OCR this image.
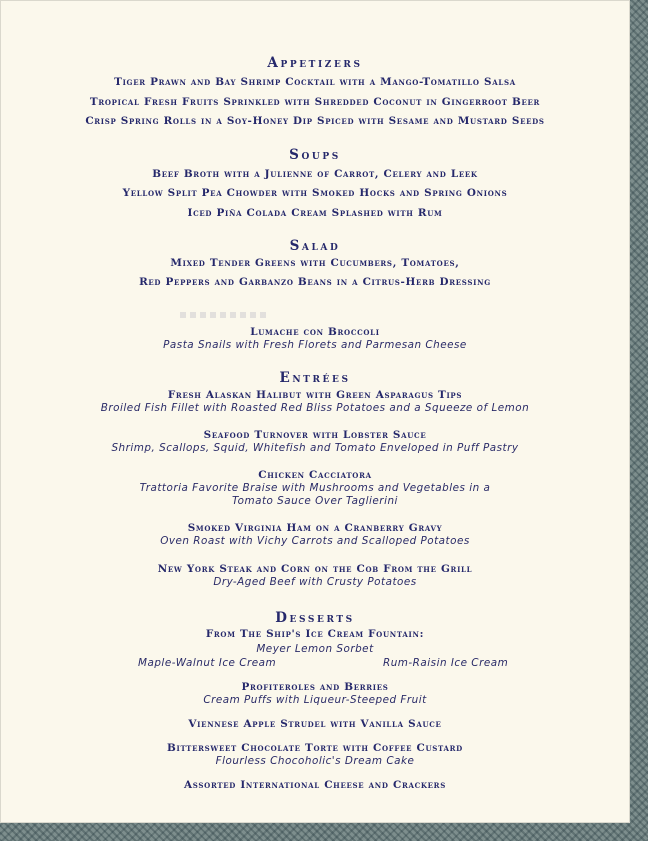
Appetizers
Tiger Prawn and Bay Shrimp Cocktail with a Mango-Tomatillo Salsa
Tropical Fresh Fruits Sprinkled with Shredded Coconut in Gingerroot Beer
Crisp Spring Rolls in a Soy-Honey Dip Spiced with Sesame and Mustard Seeds
Soups
Beef Broth with a Julienne of Carrot, Celery and Leek
Yellow Split Pea Chowder with Smoked Hocks and Spring Onions
Iced Piña Colada Cream Splashed with Rum
Salad
Mixed Tender Greens with Cucumbers, Tomatoes,
Red Peppers and Garbanzo Beans in a Citrus-Herb Dressing
Lumache con Broccoli
Pasta Snails with Fresh Florets and Parmesan Cheese
Entrées
Fresh Alaskan Halibut with Green Asparagus Tips
Broiled Fish Fillet with Roasted Red Bliss Potatoes and a Squeeze of Lemon
Seafood Turnover with Lobster Sauce
Shrimp, Scallops, Squid, Whitefish and Tomato Enveloped in Puff Pastry
Chicken Cacciatora
Trattoria Favorite Braise with Mushrooms and Vegetables in a
Tomato Sauce Over Taglierini
Smoked Virginia Ham on a Cranberry Gravy
Oven Roast with Vichy Carrots and Scalloped Potatoes
New York Steak and Corn on the Cob From the Grill
Dry-Aged Beef with Crusty Potatoes
Desserts
From The Ship's Ice Cream Fountain:
Meyer Lemon Sorbet
Maple-Walnut Ice Cream	Rum-Raisin Ice Cream
Profiteroles and Berries
Cream Puffs with Liqueur-Steeped Fruit
Viennese Apple Strudel with Vanilla Sauce
Bittersweet Chocolate Torte with Coffee Custard
Flourless Chocoholic's Dream Cake
Assorted International Cheese and Crackers
